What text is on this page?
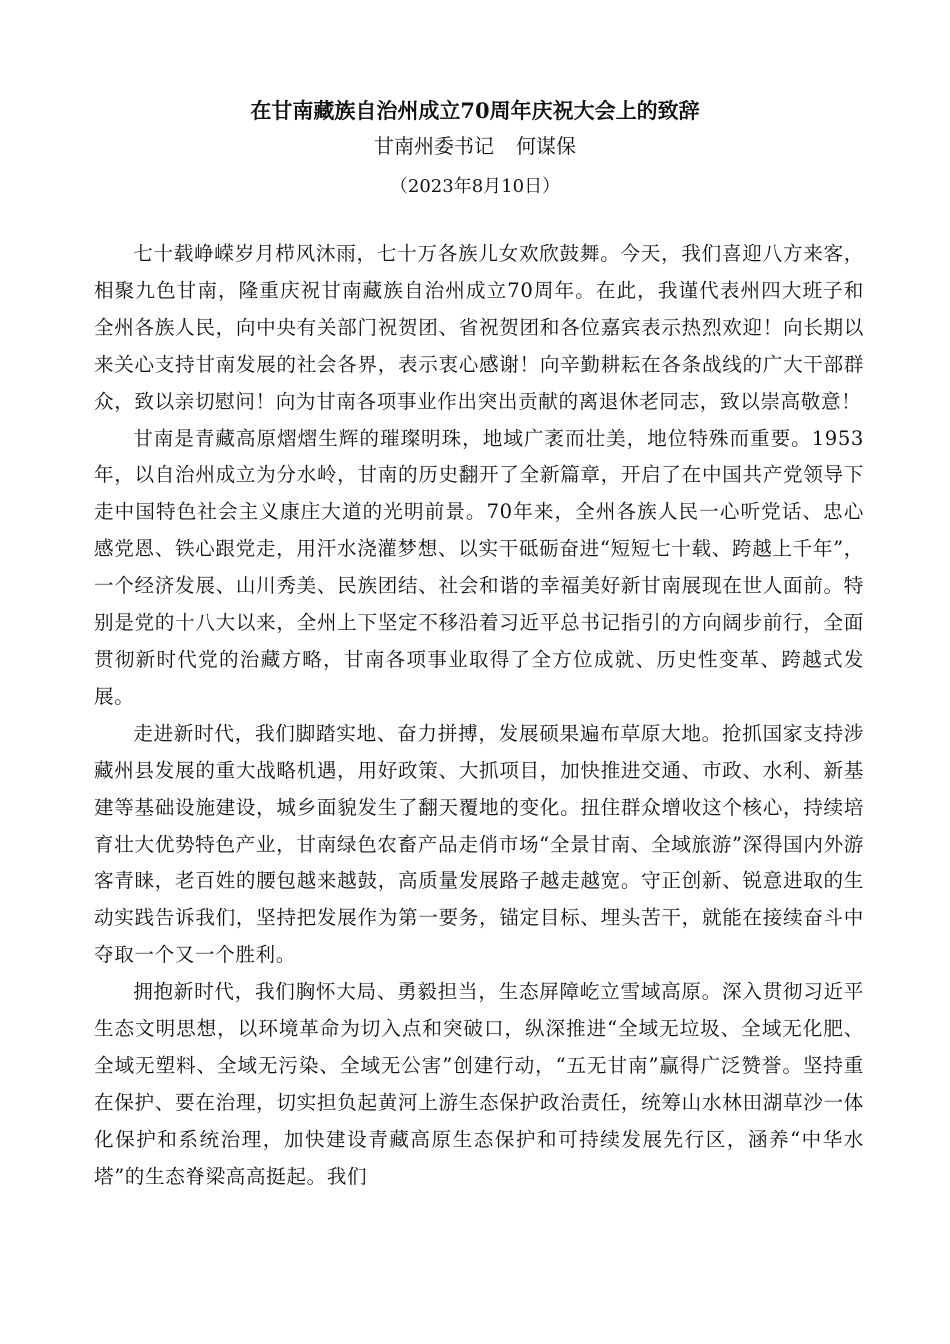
在甘南藏族自治州成立70周年庆祝大会上的致辞
甘南州委书记 何谋保
（2023年8月10日）

七十载峥嵘岁月栉风沐雨，七十万各族儿女欢欣鼓舞。今天，我们喜迎八方来客，相聚九色甘南，隆重庆祝甘南藏族自治州成立70周年。在此，我谨代表州四大班子和全州各族人民，向中央有关部门祝贺团、省祝贺团和各位嘉宾表示热烈欢迎！向长期以来关心支持甘南发展的社会各界，表示衷心感谢！向辛勤耕耘在各条战线的广大干部群众，致以亲切慰问！向为甘南各项事业作出突出贡献的离退休老同志，致以崇高敬意！

甘南是青藏高原熠熠生辉的璀璨明珠，地域广袤而壮美，地位特殊而重要。1953年，以自治州成立为分水岭，甘南的历史翻开了全新篇章，开启了在中国共产党领导下走中国特色社会主义康庄大道的光明前景。70年来，全州各族人民一心听党话、忠心感党恩、铁心跟党走，用汗水浇灌梦想、以实干砥砺奋进“短短七十载、跨越上千年”，一个经济发展、山川秀美、民族团结、社会和谐的幸福美好新甘南展现在世人面前。特别是党的十八大以来，全州上下坚定不移沿着习近平总书记指引的方向阔步前行，全面贯彻新时代党的治藏方略，甘南各项事业取得了全方位成就、历史性变革、跨越式发展。

走进新时代，我们脚踏实地、奋力拼搏，发展硕果遍布草原大地。抢抓国家支持涉藏州县发展的重大战略机遇，用好政策、大抓项目，加快推进交通、市政、水利、新基建等基础设施建设，城乡面貌发生了翻天覆地的变化。扭住群众增收这个核心，持续培育壮大优势特色产业，甘南绿色农畜产品走俏市场“全景甘南、全域旅游”深得国内外游客青睐，老百姓的腰包越来越鼓，高质量发展路子越走越宽。守正创新、锐意进取的生动实践告诉我们，坚持把发展作为第一要务，锚定目标、埋头苦干，就能在接续奋斗中夺取一个又一个胜利。

拥抱新时代，我们胸怀大局、勇毅担当，生态屏障屹立雪域高原。深入贯彻习近平生态文明思想，以环境革命为切入点和突破口，纵深推进“全域无垃圾、全域无化肥、全域无塑料、全域无污染、全域无公害”创建行动，“五无甘南”赢得广泛赞誉。坚持重在保护、要在治理，切实担负起黄河上游生态保护政治责任，统筹山水林田湖草沙一体化保护和系统治理，加快建设青藏高原生态保护和可持续发展先行区，涵养“中华水塔”的生态脊梁高高挺起。我们
